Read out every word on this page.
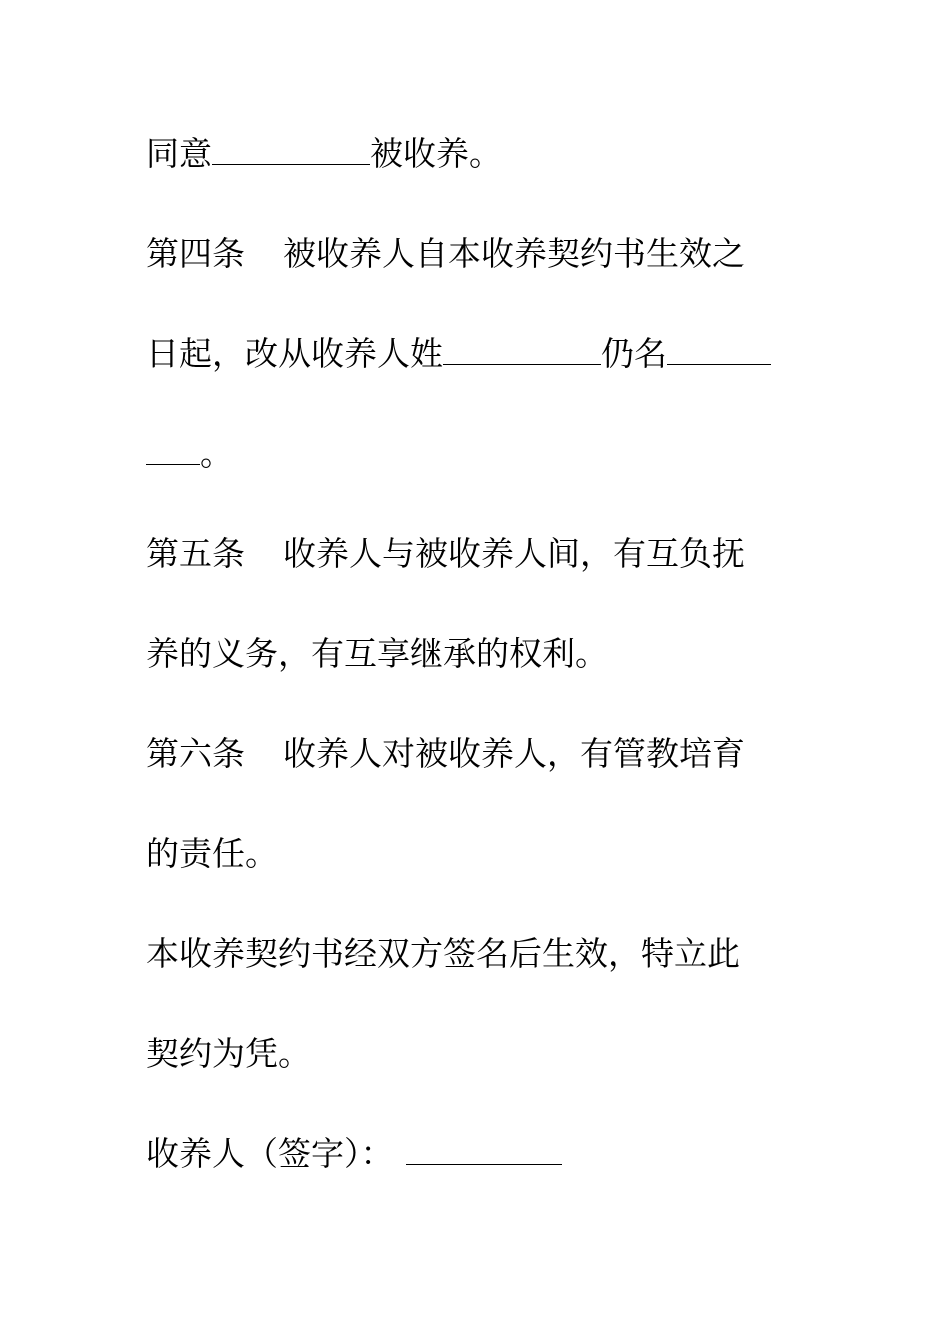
同意	被收养。
第四条 被收养人自本收养契约书生效之
日起，改从收养人姓	仍名
。
第五条 收养人与被收养人间，有互负抚
养的义务，有互享继承的权利。
第六条 收养人对被收养人，有管教培育
的责任。
本收养契约书经双方签名后生效，特立此
契约为凭。
收养人（签字）：
